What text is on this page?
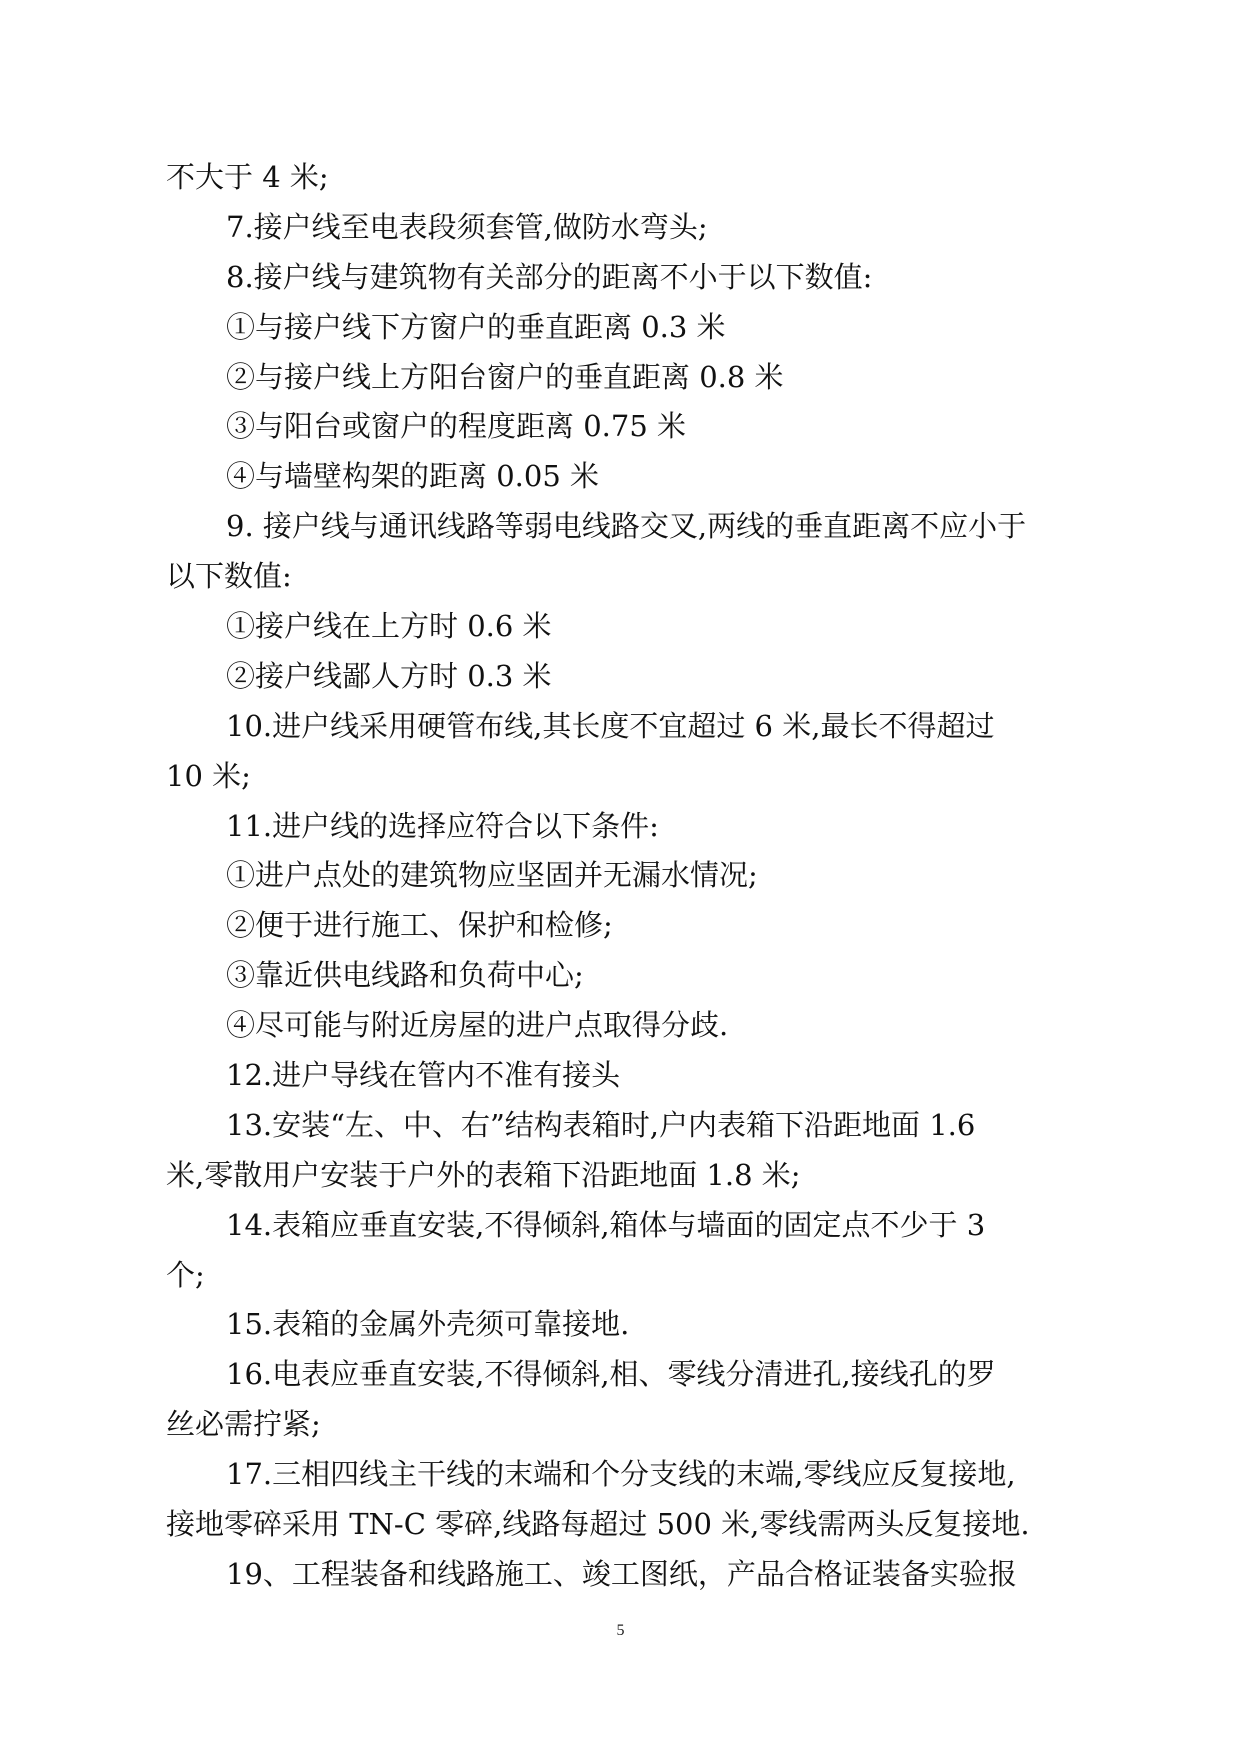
不大于 4 米;

7.接户线至电表段须套管,做防水弯头;

8.接户线与建筑物有关部分的距离不小于以下数值:

①与接户线下方窗户的垂直距离 0.3 米

②与接户线上方阳台窗户的垂直距离 0.8 米

③与阳台或窗户的程度距离 0.75 米

④与墙壁构架的距离 0.05 米

9. 接户线与通讯线路等弱电线路交叉,两线的垂直距离不应小于

以下数值:

①接户线在上方时 0.6 米

②接户线鄙人方时 0.3 米

10.进户线采用硬管布线,其长度不宜超过 6 米,最长不得超过

10 米;

11.进户线的选择应符合以下条件:

①进户点处的建筑物应坚固并无漏水情况;

②便于进行施工、保护和检修;

③靠近供电线路和负荷中心;

④尽可能与附近房屋的进户点取得分歧.

12.进户导线在管内不准有接头

13.安装“左、中、右”结构表箱时,户内表箱下沿距地面 1.6

米,零散用户安装于户外的表箱下沿距地面 1.8 米;

14.表箱应垂直安装,不得倾斜,箱体与墙面的固定点不少于 3

个;

15.表箱的金属外壳须可靠接地.

16.电表应垂直安装,不得倾斜,相、零线分清进孔,接线孔的罗

丝必需拧紧;

17.三相四线主干线的末端和个分支线的末端,零线应反复接地,

接地零碎采用 TN-C 零碎,线路每超过 500 米,零线需两头反复接地.

19、工程装备和线路施工、竣工图纸，产品合格证装备实验报

5
